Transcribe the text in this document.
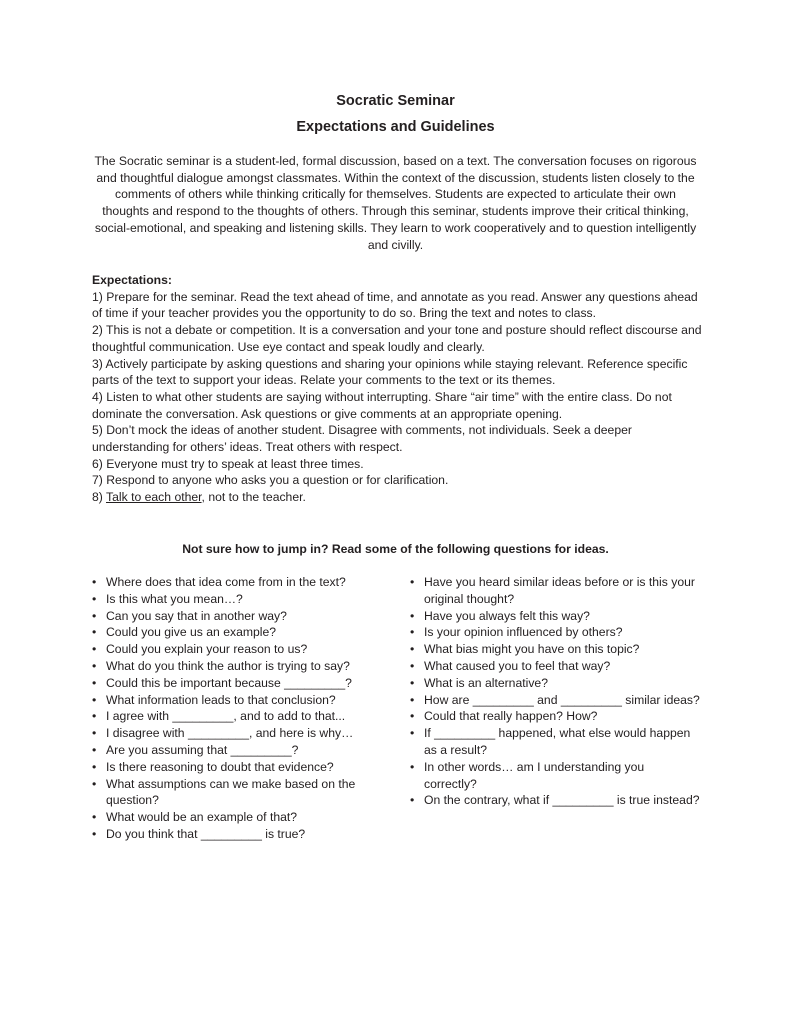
Socratic Seminar
Expectations and Guidelines
The Socratic seminar is a student-led, formal discussion, based on a text. The conversation focuses on rigorous and thoughtful dialogue amongst classmates. Within the context of the discussion, students listen closely to the comments of others while thinking critically for themselves. Students are expected to articulate their own thoughts and respond to the thoughts of others. Through this seminar, students improve their critical thinking, social-emotional, and speaking and listening skills. They learn to work cooperatively and to question intelligently and civilly.
Expectations:
1) Prepare for the seminar. Read the text ahead of time, and annotate as you read. Answer any questions ahead of time if your teacher provides you the opportunity to do so. Bring the text and notes to class.
2) This is not a debate or competition. It is a conversation and your tone and posture should reflect discourse and thoughtful communication. Use eye contact and speak loudly and clearly.
3) Actively participate by asking questions and sharing your opinions while staying relevant. Reference specific parts of the text to support your ideas. Relate your comments to the text or its themes.
4) Listen to what other students are saying without interrupting. Share “air time” with the entire class. Do not dominate the conversation. Ask questions or give comments at an appropriate opening.
5) Don’t mock the ideas of another student. Disagree with comments, not individuals. Seek a deeper understanding for others’ ideas. Treat others with respect.
6) Everyone must try to speak at least three times.
7) Respond to anyone who asks you a question or for clarification.
8) Talk to each other, not to the teacher.
Not sure how to jump in? Read some of the following questions for ideas.
• Where does that idea come from in the text?
• Is this what you mean…?
• Can you say that in another way?
• Could you give us an example?
• Could you explain your reason to us?
• What do you think the author is trying to say?
• Could this be important because _________?
• What information leads to that conclusion?
• I agree with _________, and to add to that...
• I disagree with _________, and here is why…
• Are you assuming that _________?
• Is there reasoning to doubt that evidence?
• What assumptions can we make based on the question?
• What would be an example of that?
• Do you think that _________ is true?
• Have you heard similar ideas before or is this your original thought?
• Have you always felt this way?
• Is your opinion influenced by others?
• What bias might you have on this topic?
• What caused you to feel that way?
• What is an alternative?
• How are _________ and _________ similar ideas?
• Could that really happen? How?
• If _________ happened, what else would happen as a result?
• In other words… am I understanding you correctly?
• On the contrary, what if _________ is true instead?
